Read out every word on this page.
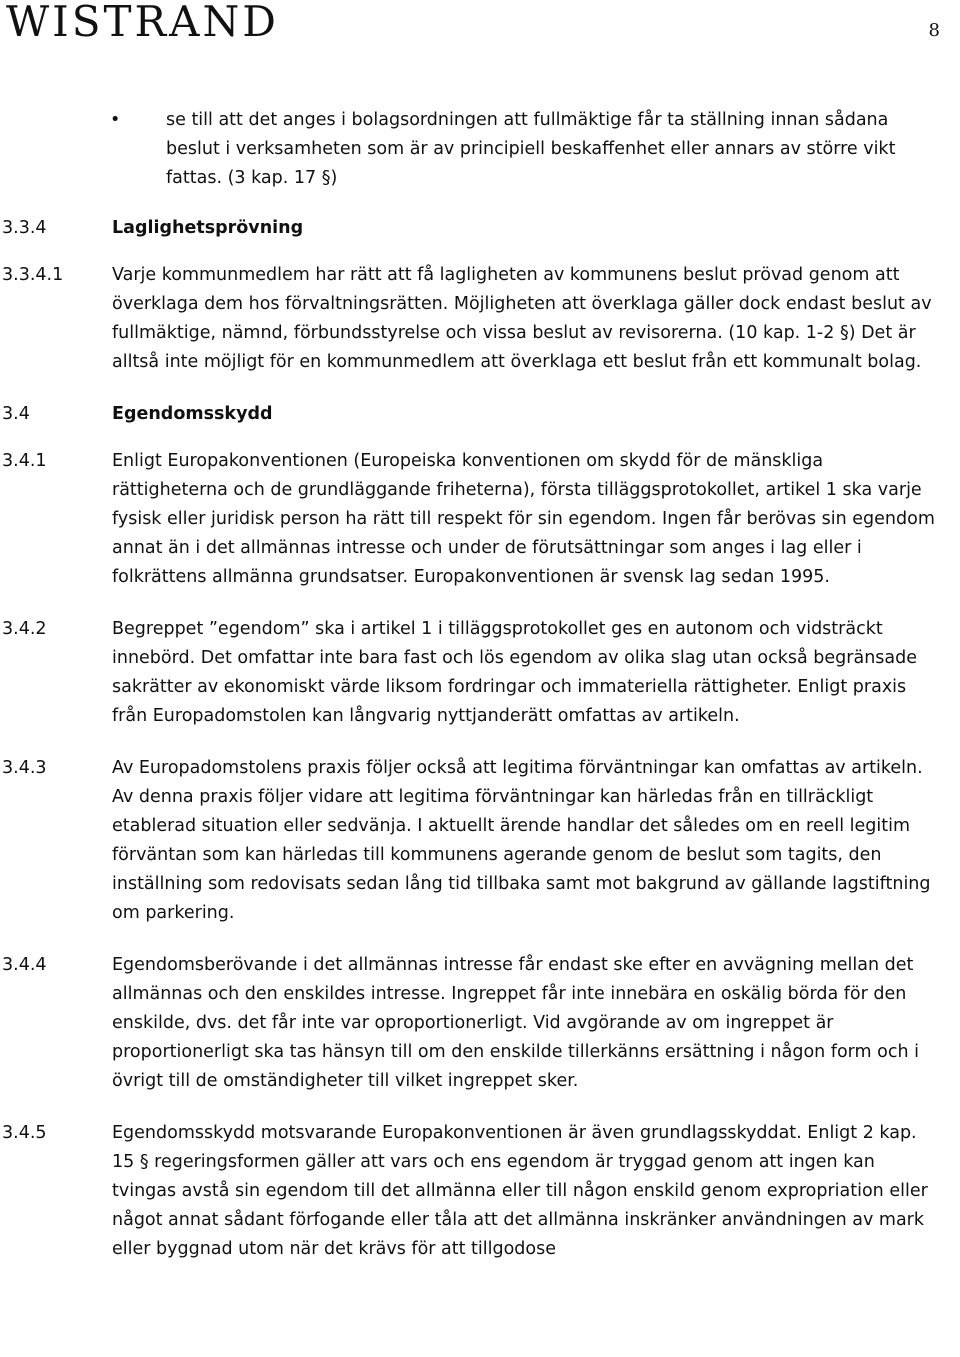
WISTRAND	8
•	se till att det anges i bolagsordningen att fullmäktige får ta ställning innan sådana beslut i verksamheten som är av principiell beskaffenhet eller annars av större vikt fattas. (3 kap. 17 §)
3.3.4	Laglighetsprövning
3.3.4.1	Varje kommunmedlem har rätt att få lagligheten av kommunens beslut prövad genom att överklaga dem hos förvaltningsrätten. Möjligheten att överklaga gäller dock endast beslut av fullmäktige, nämnd, förbundsstyrelse och vissa beslut av revisorerna. (10 kap. 1-2 §) Det är alltså inte möjligt för en kommunmedlem att överklaga ett beslut från ett kommunalt bolag.
3.4	Egendomsskydd
3.4.1	Enligt Europakonventionen (Europeiska konventionen om skydd för de mänskliga rättigheterna och de grundläggande friheterna), första tilläggsprotokollet, artikel 1 ska varje fysisk eller juridisk person ha rätt till respekt för sin egendom. Ingen får berövas sin egendom annat än i det allmännas intresse och under de förutsättningar som anges i lag eller i folkrättens allmänna grundsatser. Europakonventionen är svensk lag sedan 1995.
3.4.2	Begreppet ”egendom” ska i artikel 1 i tilläggsprotokollet ges en autonom och vidsträckt innebörd. Det omfattar inte bara fast och lös egendom av olika slag utan också begränsade sakrätter av ekonomiskt värde liksom fordringar och immateriella rättigheter. Enligt praxis från Europadomstolen kan långvarig nyttjanderätt omfattas av artikeln.
3.4.3	Av Europadomstolens praxis följer också att legitima förväntningar kan omfattas av artikeln. Av denna praxis följer vidare att legitima förväntningar kan härledas från en tillräckligt etablerad situation eller sedvänja. I aktuellt ärende handlar det således om en reell legitim förväntan som kan härledas till kommunens agerande genom de beslut som tagits, den inställning som redovisats sedan lång tid tillbaka samt mot bakgrund av gällande lagstiftning om parkering.
3.4.4	Egendomsberövande i det allmännas intresse får endast ske efter en avvägning mellan det allmännas och den enskildes intresse. Ingreppet får inte innebära en oskälig börda för den enskilde, dvs. det får inte var oproportionerligt. Vid avgörande av om ingreppet är proportionerligt ska tas hänsyn till om den enskilde tillerkänns ersättning i någon form och i övrigt till de omständigheter till vilket ingreppet sker.
3.4.5	Egendomsskydd motsvarande Europakonventionen är även grundlagsskyddat. Enligt 2 kap. 15 § regeringsformen gäller att vars och ens egendom är tryggad genom att ingen kan tvingas avstå sin egendom till det allmänna eller till någon enskild genom expropriation eller något annat sådant förfogande eller tåla att det allmänna inskränker användningen av mark eller byggnad utom när det krävs för att tillgodose
